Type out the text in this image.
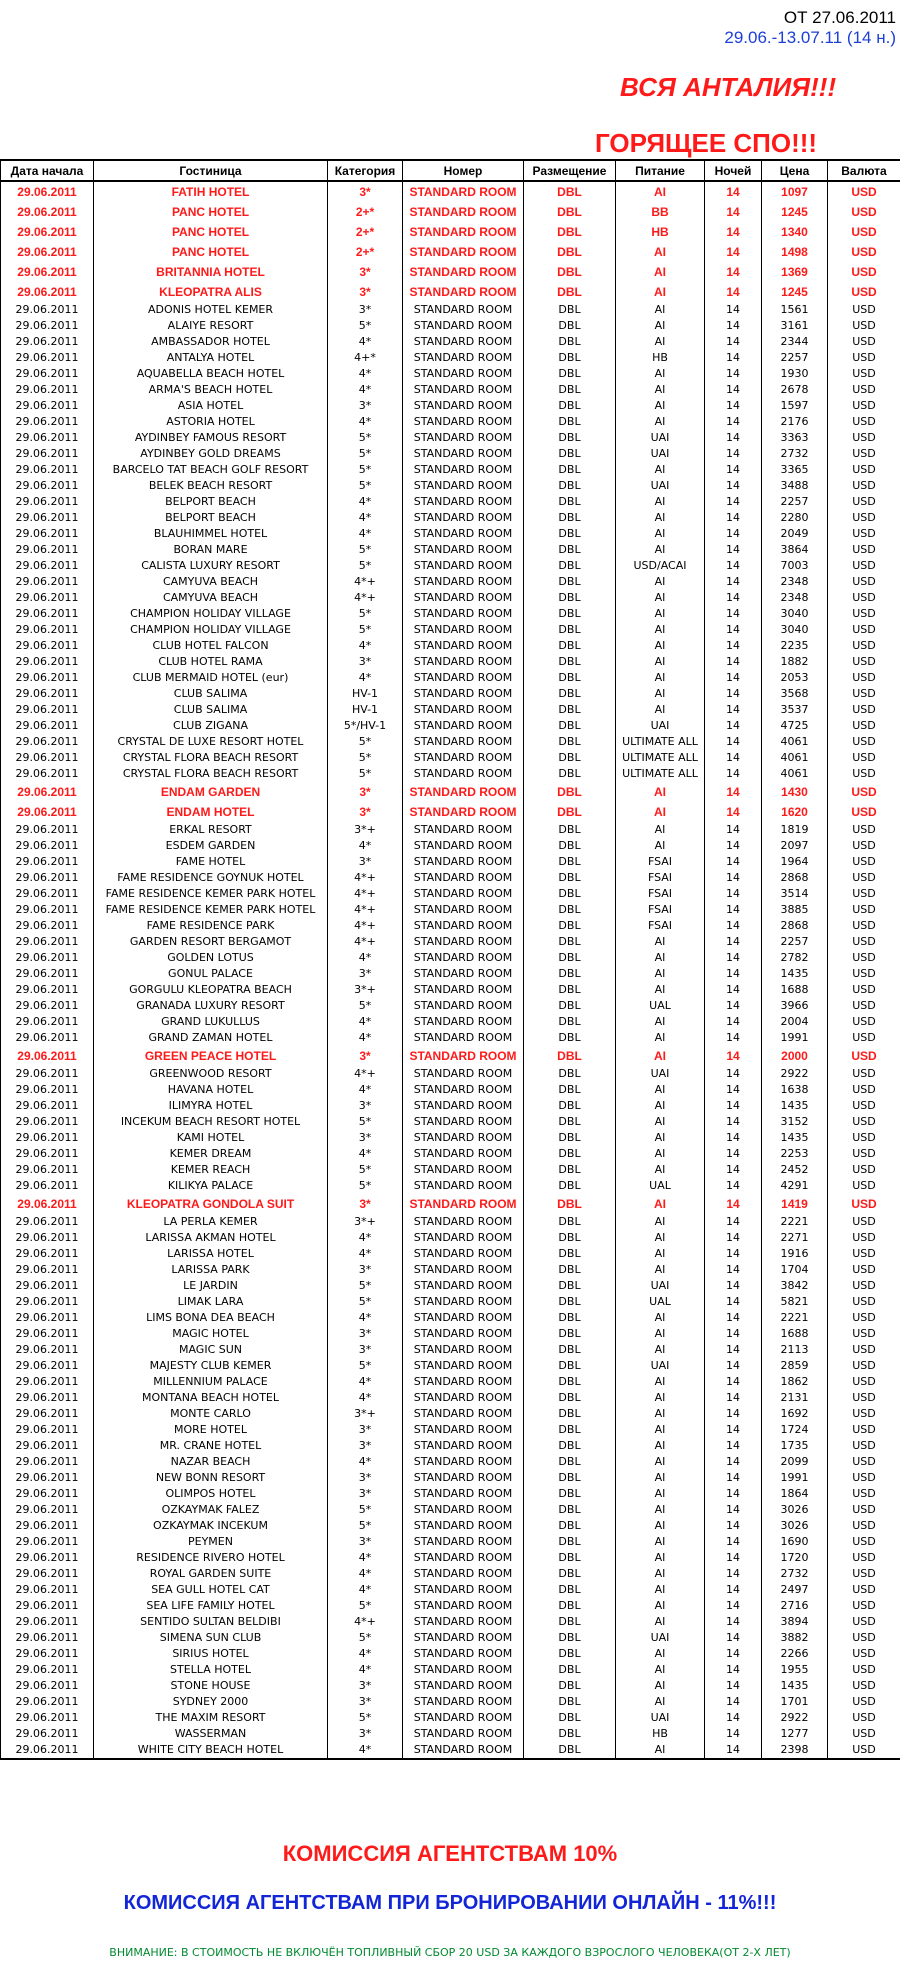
ОТ 27.06.2011
29.06.-13.07.11 (14 н.)
ВСЯ АНТАЛИЯ!!!
ГОРЯЩЕЕ СПО!!!
Дата начала	Гостиница	Категория	Номер	Размещение	Питание	Ночей	Цена	Валюта
29.06.2011	FATIH HOTEL	3*	STANDARD ROOM	DBL	AI	14	1097	USD
29.06.2011	PANC HOTEL	2+*	STANDARD ROOM	DBL	BB	14	1245	USD
29.06.2011	PANC HOTEL	2+*	STANDARD ROOM	DBL	HB	14	1340	USD
29.06.2011	PANC HOTEL	2+*	STANDARD ROOM	DBL	AI	14	1498	USD
29.06.2011	BRITANNIA HOTEL	3*	STANDARD ROOM	DBL	AI	14	1369	USD
29.06.2011	KLEOPATRA ALIS	3*	STANDARD ROOM	DBL	AI	14	1245	USD
29.06.2011	ADONIS HOTEL KEMER	3*	STANDARD ROOM	DBL	AI	14	1561	USD
29.06.2011	ALAIYE RESORT	5*	STANDARD ROOM	DBL	AI	14	3161	USD
29.06.2011	AMBASSADOR HOTEL	4*	STANDARD ROOM	DBL	AI	14	2344	USD
29.06.2011	ANTALYA HOTEL	4+*	STANDARD ROOM	DBL	HB	14	2257	USD
29.06.2011	AQUABELLA BEACH HOTEL	4*	STANDARD ROOM	DBL	AI	14	1930	USD
29.06.2011	ARMA'S BEACH HOTEL	4*	STANDARD ROOM	DBL	AI	14	2678	USD
29.06.2011	ASIA HOTEL	3*	STANDARD ROOM	DBL	AI	14	1597	USD
29.06.2011	ASTORIA HOTEL	4*	STANDARD ROOM	DBL	AI	14	2176	USD
29.06.2011	AYDINBEY FAMOUS RESORT	5*	STANDARD ROOM	DBL	UAI	14	3363	USD
29.06.2011	AYDINBEY GOLD DREAMS	5*	STANDARD ROOM	DBL	UAI	14	2732	USD
29.06.2011	BARCELO TAT BEACH GOLF RESORT	5*	STANDARD ROOM	DBL	AI	14	3365	USD
29.06.2011	BELEK BEACH RESORT	5*	STANDARD ROOM	DBL	UAI	14	3488	USD
29.06.2011	BELPORT BEACH	4*	STANDARD ROOM	DBL	AI	14	2257	USD
29.06.2011	BELPORT BEACH	4*	STANDARD ROOM	DBL	AI	14	2280	USD
29.06.2011	BLAUHIMMEL HOTEL	4*	STANDARD ROOM	DBL	AI	14	2049	USD
29.06.2011	BORAN MARE	5*	STANDARD ROOM	DBL	AI	14	3864	USD
29.06.2011	CALISTA LUXURY RESORT	5*	STANDARD ROOM	DBL	USD/ACAI	14	7003	USD
29.06.2011	CAMYUVA BEACH	4*+	STANDARD ROOM	DBL	AI	14	2348	USD
29.06.2011	CAMYUVA BEACH	4*+	STANDARD ROOM	DBL	AI	14	2348	USD
29.06.2011	CHAMPION HOLIDAY VILLAGE	5*	STANDARD ROOM	DBL	AI	14	3040	USD
29.06.2011	CHAMPION HOLIDAY VILLAGE	5*	STANDARD ROOM	DBL	AI	14	3040	USD
29.06.2011	CLUB HOTEL FALCON	4*	STANDARD ROOM	DBL	AI	14	2235	USD
29.06.2011	CLUB HOTEL RAMA	3*	STANDARD ROOM	DBL	AI	14	1882	USD
29.06.2011	CLUB MERMAID HOTEL (eur)	4*	STANDARD ROOM	DBL	AI	14	2053	USD
29.06.2011	CLUB SALIMA	HV-1	STANDARD ROOM	DBL	AI	14	3568	USD
29.06.2011	CLUB SALIMA	HV-1	STANDARD ROOM	DBL	AI	14	3537	USD
29.06.2011	CLUB ZIGANA	5*/HV-1	STANDARD ROOM	DBL	UAI	14	4725	USD
29.06.2011	CRYSTAL DE LUXE RESORT HOTEL	5*	STANDARD ROOM	DBL	ULTIMATE ALL	14	4061	USD
29.06.2011	CRYSTAL FLORA BEACH RESORT	5*	STANDARD ROOM	DBL	ULTIMATE ALL	14	4061	USD
29.06.2011	CRYSTAL FLORA BEACH RESORT	5*	STANDARD ROOM	DBL	ULTIMATE ALL	14	4061	USD
29.06.2011	ENDAM GARDEN	3*	STANDARD ROOM	DBL	AI	14	1430	USD
29.06.2011	ENDAM HOTEL	3*	STANDARD ROOM	DBL	AI	14	1620	USD
29.06.2011	ERKAL RESORT	3*+	STANDARD ROOM	DBL	AI	14	1819	USD
29.06.2011	ESDEM GARDEN	4*	STANDARD ROOM	DBL	AI	14	2097	USD
29.06.2011	FAME HOTEL	3*	STANDARD ROOM	DBL	FSAI	14	1964	USD
29.06.2011	FAME RESIDENCE GOYNUK HOTEL	4*+	STANDARD ROOM	DBL	FSAI	14	2868	USD
29.06.2011	FAME RESIDENCE KEMER PARK HOTEL	4*+	STANDARD ROOM	DBL	FSAI	14	3514	USD
29.06.2011	FAME RESIDENCE KEMER PARK HOTEL	4*+	STANDARD ROOM	DBL	FSAI	14	3885	USD
29.06.2011	FAME RESIDENCE PARK	4*+	STANDARD ROOM	DBL	FSAI	14	2868	USD
29.06.2011	GARDEN RESORT BERGAMOT	4*+	STANDARD ROOM	DBL	AI	14	2257	USD
29.06.2011	GOLDEN LOTUS	4*	STANDARD ROOM	DBL	AI	14	2782	USD
29.06.2011	GONUL PALACE	3*	STANDARD ROOM	DBL	AI	14	1435	USD
29.06.2011	GORGULU KLEOPATRA BEACH	3*+	STANDARD ROOM	DBL	AI	14	1688	USD
29.06.2011	GRANADA LUXURY RESORT	5*	STANDARD ROOM	DBL	UAL	14	3966	USD
29.06.2011	GRAND LUKULLUS	4*	STANDARD ROOM	DBL	AI	14	2004	USD
29.06.2011	GRAND ZAMAN HOTEL	4*	STANDARD ROOM	DBL	AI	14	1991	USD
29.06.2011	GREEN PEACE HOTEL	3*	STANDARD ROOM	DBL	AI	14	2000	USD
29.06.2011	GREENWOOD RESORT	4*+	STANDARD ROOM	DBL	UAI	14	2922	USD
29.06.2011	HAVANA HOTEL	4*	STANDARD ROOM	DBL	AI	14	1638	USD
29.06.2011	ILIMYRA HOTEL	3*	STANDARD ROOM	DBL	AI	14	1435	USD
29.06.2011	INCEKUM BEACH RESORT HOTEL	5*	STANDARD ROOM	DBL	AI	14	3152	USD
29.06.2011	KAMI HOTEL	3*	STANDARD ROOM	DBL	AI	14	1435	USD
29.06.2011	KEMER DREAM	4*	STANDARD ROOM	DBL	AI	14	2253	USD
29.06.2011	KEMER REACH	5*	STANDARD ROOM	DBL	AI	14	2452	USD
29.06.2011	KILIKYA PALACE	5*	STANDARD ROOM	DBL	UAL	14	4291	USD
29.06.2011	KLEOPATRA GONDOLA SUIT	3*	STANDARD ROOM	DBL	AI	14	1419	USD
29.06.2011	LA PERLA KEMER	3*+	STANDARD ROOM	DBL	AI	14	2221	USD
29.06.2011	LARISSA AKMAN HOTEL	4*	STANDARD ROOM	DBL	AI	14	2271	USD
29.06.2011	LARISSA HOTEL	4*	STANDARD ROOM	DBL	AI	14	1916	USD
29.06.2011	LARISSA PARK	3*	STANDARD ROOM	DBL	AI	14	1704	USD
29.06.2011	LE JARDIN	5*	STANDARD ROOM	DBL	UAI	14	3842	USD
29.06.2011	LIMAK LARA	5*	STANDARD ROOM	DBL	UAL	14	5821	USD
29.06.2011	LIMS BONA DEA BEACH	4*	STANDARD ROOM	DBL	AI	14	2221	USD
29.06.2011	MAGIC HOTEL	3*	STANDARD ROOM	DBL	AI	14	1688	USD
29.06.2011	MAGIC SUN	3*	STANDARD ROOM	DBL	AI	14	2113	USD
29.06.2011	MAJESTY CLUB KEMER	5*	STANDARD ROOM	DBL	UAI	14	2859	USD
29.06.2011	MILLENNIUM PALACE	4*	STANDARD ROOM	DBL	AI	14	1862	USD
29.06.2011	MONTANA BEACH HOTEL	4*	STANDARD ROOM	DBL	AI	14	2131	USD
29.06.2011	MONTE CARLO	3*+	STANDARD ROOM	DBL	AI	14	1692	USD
29.06.2011	MORE HOTEL	3*	STANDARD ROOM	DBL	AI	14	1724	USD
29.06.2011	MR. CRANE HOTEL	3*	STANDARD ROOM	DBL	AI	14	1735	USD
29.06.2011	NAZAR BEACH	4*	STANDARD ROOM	DBL	AI	14	2099	USD
29.06.2011	NEW BONN RESORT	3*	STANDARD ROOM	DBL	AI	14	1991	USD
29.06.2011	OLIMPOS HOTEL	3*	STANDARD ROOM	DBL	AI	14	1864	USD
29.06.2011	OZKAYMAK FALEZ	5*	STANDARD ROOM	DBL	AI	14	3026	USD
29.06.2011	OZKAYMAK INCEKUM	5*	STANDARD ROOM	DBL	AI	14	3026	USD
29.06.2011	PEYMEN	3*	STANDARD ROOM	DBL	AI	14	1690	USD
29.06.2011	RESIDENCE RIVERO HOTEL	4*	STANDARD ROOM	DBL	AI	14	1720	USD
29.06.2011	ROYAL GARDEN SUITE	4*	STANDARD ROOM	DBL	AI	14	2732	USD
29.06.2011	SEA GULL HOTEL CAT	4*	STANDARD ROOM	DBL	AI	14	2497	USD
29.06.2011	SEA LIFE FAMILY HOTEL	5*	STANDARD ROOM	DBL	AI	14	2716	USD
29.06.2011	SENTIDO SULTAN BELDIBI	4*+	STANDARD ROOM	DBL	AI	14	3894	USD
29.06.2011	SIMENA SUN CLUB	5*	STANDARD ROOM	DBL	UAI	14	3882	USD
29.06.2011	SIRIUS HOTEL	4*	STANDARD ROOM	DBL	AI	14	2266	USD
29.06.2011	STELLA HOTEL	4*	STANDARD ROOM	DBL	AI	14	1955	USD
29.06.2011	STONE HOUSE	3*	STANDARD ROOM	DBL	AI	14	1435	USD
29.06.2011	SYDNEY 2000	3*	STANDARD ROOM	DBL	AI	14	1701	USD
29.06.2011	THE MAXIM RESORT	5*	STANDARD ROOM	DBL	UAI	14	2922	USD
29.06.2011	WASSERMAN	3*	STANDARD ROOM	DBL	HB	14	1277	USD
29.06.2011	WHITE CITY BEACH HOTEL	4*	STANDARD ROOM	DBL	AI	14	2398	USD
КОМИССИЯ АГЕНТСТВАМ 10%
КОМИССИЯ АГЕНТСТВАМ ПРИ БРОНИРОВАНИИ ОНЛАЙН - 11%!!!
ВНИМАНИЕ: В СТОИМОСТЬ НЕ ВКЛЮЧЁН ТОПЛИВНЫЙ СБОР 20 USD ЗА КАЖДОГО ВЗРОСЛОГО ЧЕЛОВЕКА(ОТ 2-Х ЛЕТ)
